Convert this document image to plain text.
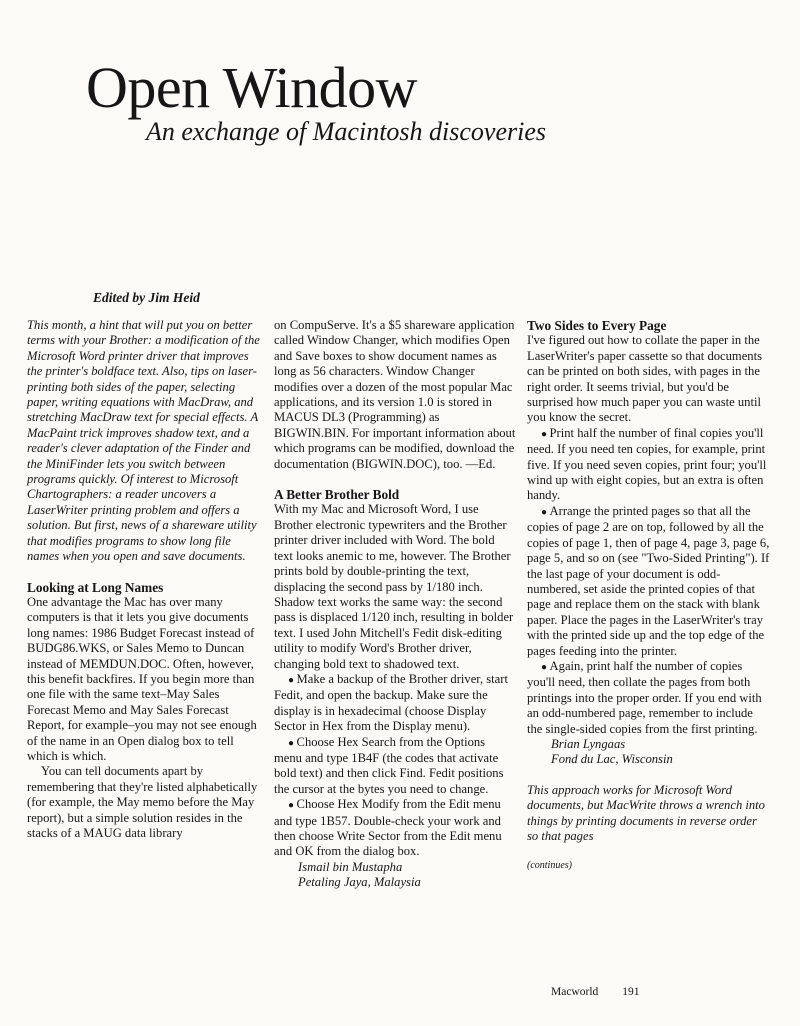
Open Window
An exchange of Macintosh discoveries
Edited by Jim Heid

This month, a hint that will put you on better terms with your Brother: a modification of the Microsoft Word printer driver that improves the printer's boldface text. Also, tips on laser-printing both sides of the paper, selecting paper, writing equations with MacDraw, and stretching MacDraw text for special effects. A MacPaint trick improves shadow text, and a reader's clever adaptation of the Finder and the MiniFinder lets you switch between programs quickly. Of interest to Microsoft Chartographers: a reader uncovers a LaserWriter printing problem and offers a solution. But first, news of a shareware utility that modifies programs to show long file names when you open and save documents.

Looking at Long Names

One advantage the Mac has over many computers is that it lets you give documents long names: 1986 Budget Forecast instead of BUDG86.WKS, or Sales Memo to Duncan instead of MEMDUN.DOC. Often, however, this benefit backfires. If you begin more than one file with the same text–May Sales Forecast Memo and May Sales Forecast Report, for example–you may not see enough of the name in an Open dialog box to tell which is which.

You can tell documents apart by remembering that they're listed alphabetically (for example, the May memo before the May report), but a simple solution resides in the stacks of a MAUG data library

on CompuServe. It's a $5 shareware application called Window Changer, which modifies Open and Save boxes to show document names as long as 56 characters. Window Changer modifies over a dozen of the most popular Mac applications, and its version 1.0 is stored in MACUS DL3 (Programming) as BIGWIN.BIN. For important information about which programs can be modified, download the documentation (BIGWIN.DOC), too. —Ed.

A Better Brother Bold

With my Mac and Microsoft Word, I use Brother electronic typewriters and the Brother printer driver included with Word. The bold text looks anemic to me, however. The Brother prints bold by double-printing the text, displacing the second pass by 1/180 inch. Shadow text works the same way: the second pass is displaced 1/120 inch, resulting in bolder text. I used John Mitchell's Fedit disk-editing utility to modify Word's Brother driver, changing bold text to shadowed text.

● Make a backup of the Brother driver, start Fedit, and open the backup. Make sure the display is in hexadecimal (choose Display Sector in Hex from the Display menu).

● Choose Hex Search from the Options menu and type 1B4F (the codes that activate bold text) and then click Find. Fedit positions the cursor at the bytes you need to change.

● Choose Hex Modify from the Edit menu and type 1B57. Double-check your work and then choose Write Sector from the Edit menu and OK from the dialog box.

Ismail bin Mustapha

Petaling Jaya, Malaysia

Two Sides to Every Page

I've figured out how to collate the paper in the LaserWriter's paper cassette so that documents can be printed on both sides, with pages in the right order. It seems trivial, but you'd be surprised how much paper you can waste until you know the secret.

● Print half the number of final copies you'll need. If you need ten copies, for example, print five. If you need seven copies, print four; you'll wind up with eight copies, but an extra is often handy.

● Arrange the printed pages so that all the copies of page 2 are on top, followed by all the copies of page 1, then of page 4, page 3, page 6, page 5, and so on (see "Two-Sided Printing"). If the last page of your document is odd-numbered, set aside the printed copies of that page and replace them on the stack with blank paper. Place the pages in the LaserWriter's tray with the printed side up and the top edge of the pages feeding into the printer.

● Again, print half the number of copies you'll need, then collate the pages from both printings into the proper order. If you end with an odd-numbered page, remember to include the single-sided copies from the first printing.

Brian Lyngaas

Fond du Lac, Wisconsin

This approach works for Microsoft Word documents, but MacWrite throws a wrench into things by printing documents in reverse order so that pages

(continues)

Macworld 191
